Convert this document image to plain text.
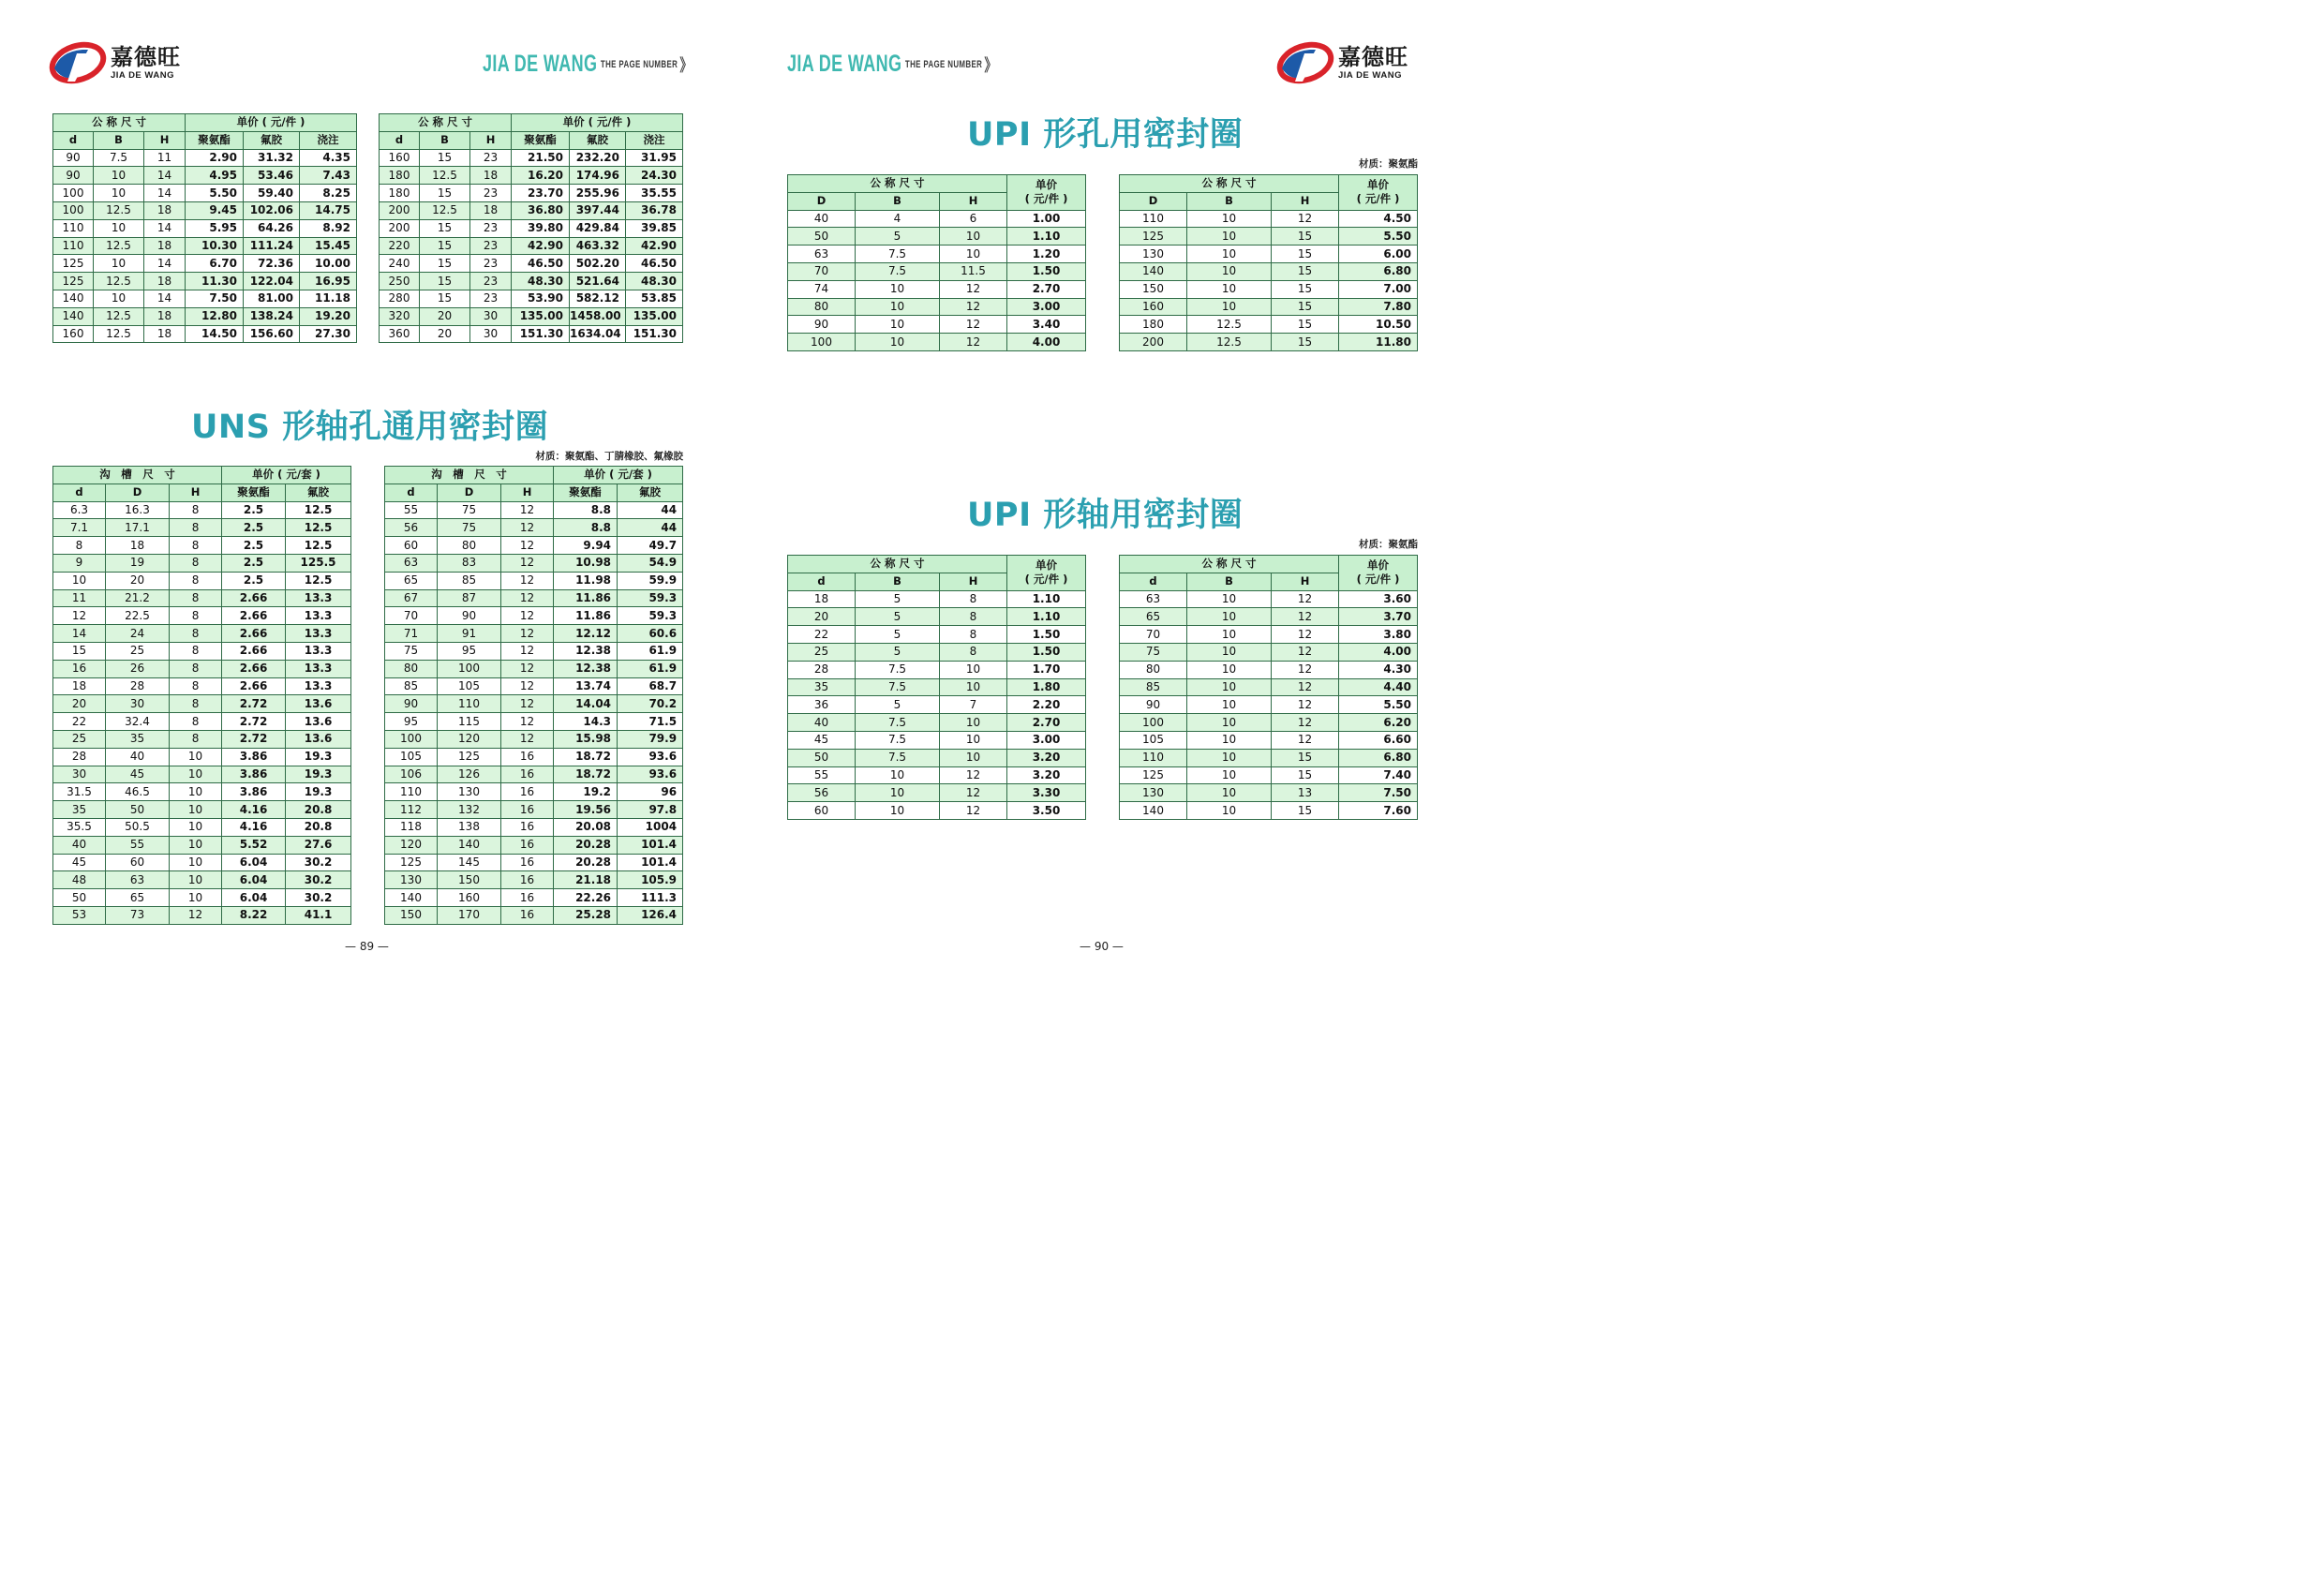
嘉德旺
JIA DE WANG
嘉德旺
JIA DE WANG
JIA DE WANG THE PAGE NUMBER 》	JIA DE WANG THE PAGE NUMBER 》
公 称 尺 寸			单价 ( 元/件 )		
d	B	H	聚氨酯	氟胶	浇注
90	7.5	11	2.90	31.32	4.35
90	10	14	4.95	53.46	7.43
100	10	14	5.50	59.40	8.25
100	12.5	18	9.45	102.06	14.75
110	10	14	5.95	64.26	8.92
110	12.5	18	10.30	111.24	15.45
125	10	14	6.70	72.36	10.00
125	12.5	18	11.30	122.04	16.95
140	10	14	7.50	81.00	11.18
140	12.5	18	12.80	138.24	19.20
160	12.5	18	14.50	156.60	27.30
公 称 尺 寸			单价 ( 元/件 )		
d	B	H	聚氨酯	氟胶	浇注
160	15	23	21.50	232.20	31.95
180	12.5	18	16.20	174.96	24.30
180	15	23	23.70	255.96	35.55
200	12.5	18	36.80	397.44	36.78
200	15	23	39.80	429.84	39.85
220	15	23	42.90	463.32	42.90
240	15	23	46.50	502.20	46.50
250	15	23	48.30	521.64	48.30
280	15	23	53.90	582.12	53.85
320	20	30	135.00	1458.00	135.00
360	20	30	151.30	1634.04	151.30
UNS 形轴孔通用密封圈
材质：聚氨酯、丁腈橡胶、氟橡胶
沟　槽　尺　寸			单价 ( 元/套 )	
d	D	H	聚氨酯	氟胶
6.3	16.3	8	2.5	12.5
7.1	17.1	8	2.5	12.5
8	18	8	2.5	12.5
9	19	8	2.5	125.5
10	20	8	2.5	12.5
11	21.2	8	2.66	13.3
12	22.5	8	2.66	13.3
14	24	8	2.66	13.3
15	25	8	2.66	13.3
16	26	8	2.66	13.3
18	28	8	2.66	13.3
20	30	8	2.72	13.6
22	32.4	8	2.72	13.6
25	35	8	2.72	13.6
28	40	10	3.86	19.3
30	45	10	3.86	19.3
31.5	46.5	10	3.86	19.3
35	50	10	4.16	20.8
35.5	50.5	10	4.16	20.8
40	55	10	5.52	27.6
45	60	10	6.04	30.2
48	63	10	6.04	30.2
50	65	10	6.04	30.2
53	73	12	8.22	41.1
沟　槽　尺　寸			单价 ( 元/套 )	
d	D	H	聚氨酯	氟胶
55	75	12	8.8	44
56	75	12	8.8	44
60	80	12	9.94	49.7
63	83	12	10.98	54.9
65	85	12	11.98	59.9
67	87	12	11.86	59.3
70	90	12	11.86	59.3
71	91	12	12.12	60.6
75	95	12	12.38	61.9
80	100	12	12.38	61.9
85	105	12	13.74	68.7
90	110	12	14.04	70.2
95	115	12	14.3	71.5
100	120	12	15.98	79.9
105	125	16	18.72	93.6
106	126	16	18.72	93.6
110	130	16	19.2	96
112	132	16	19.56	97.8
118	138	16	20.08	1004
120	140	16	20.28	101.4
125	145	16	20.28	101.4
130	150	16	21.18	105.9
140	160	16	22.26	111.3
150	170	16	25.28	126.4
UPI 形孔用密封圈
材质：聚氨酯
公 称 尺 寸			单价
( 元/件 )
D	B	H	
40	4	6	1.00
50	5	10	1.10
63	7.5	10	1.20
70	7.5	11.5	1.50
74	10	12	2.70
80	10	12	3.00
90	10	12	3.40
100	10	12	4.00
公 称 尺 寸			单价
( 元/件 )
D	B	H	
110	10	12	4.50
125	10	15	5.50
130	10	15	6.00
140	10	15	6.80
150	10	15	7.00
160	10	15	7.80
180	12.5	15	10.50
200	12.5	15	11.80
UPI 形轴用密封圈
材质：聚氨酯
公 称 尺 寸			单价
( 元/件 )
d	B	H	
18	5	8	1.10
20	5	8	1.10
22	5	8	1.50
25	5	8	1.50
28	7.5	10	1.70
35	7.5	10	1.80
36	5	7	2.20
40	7.5	10	2.70
45	7.5	10	3.00
50	7.5	10	3.20
55	10	12	3.20
56	10	12	3.30
60	10	12	3.50
公 称 尺 寸			单价
( 元/件 )
d	B	H	
63	10	12	3.60
65	10	12	3.70
70	10	12	3.80
75	10	12	4.00
80	10	12	4.30
85	10	12	4.40
90	10	12	5.50
100	10	12	6.20
105	10	12	6.60
110	10	15	6.80
125	10	15	7.40
130	10	13	7.50
140	10	15	7.60
— 89 —	— 90 —
